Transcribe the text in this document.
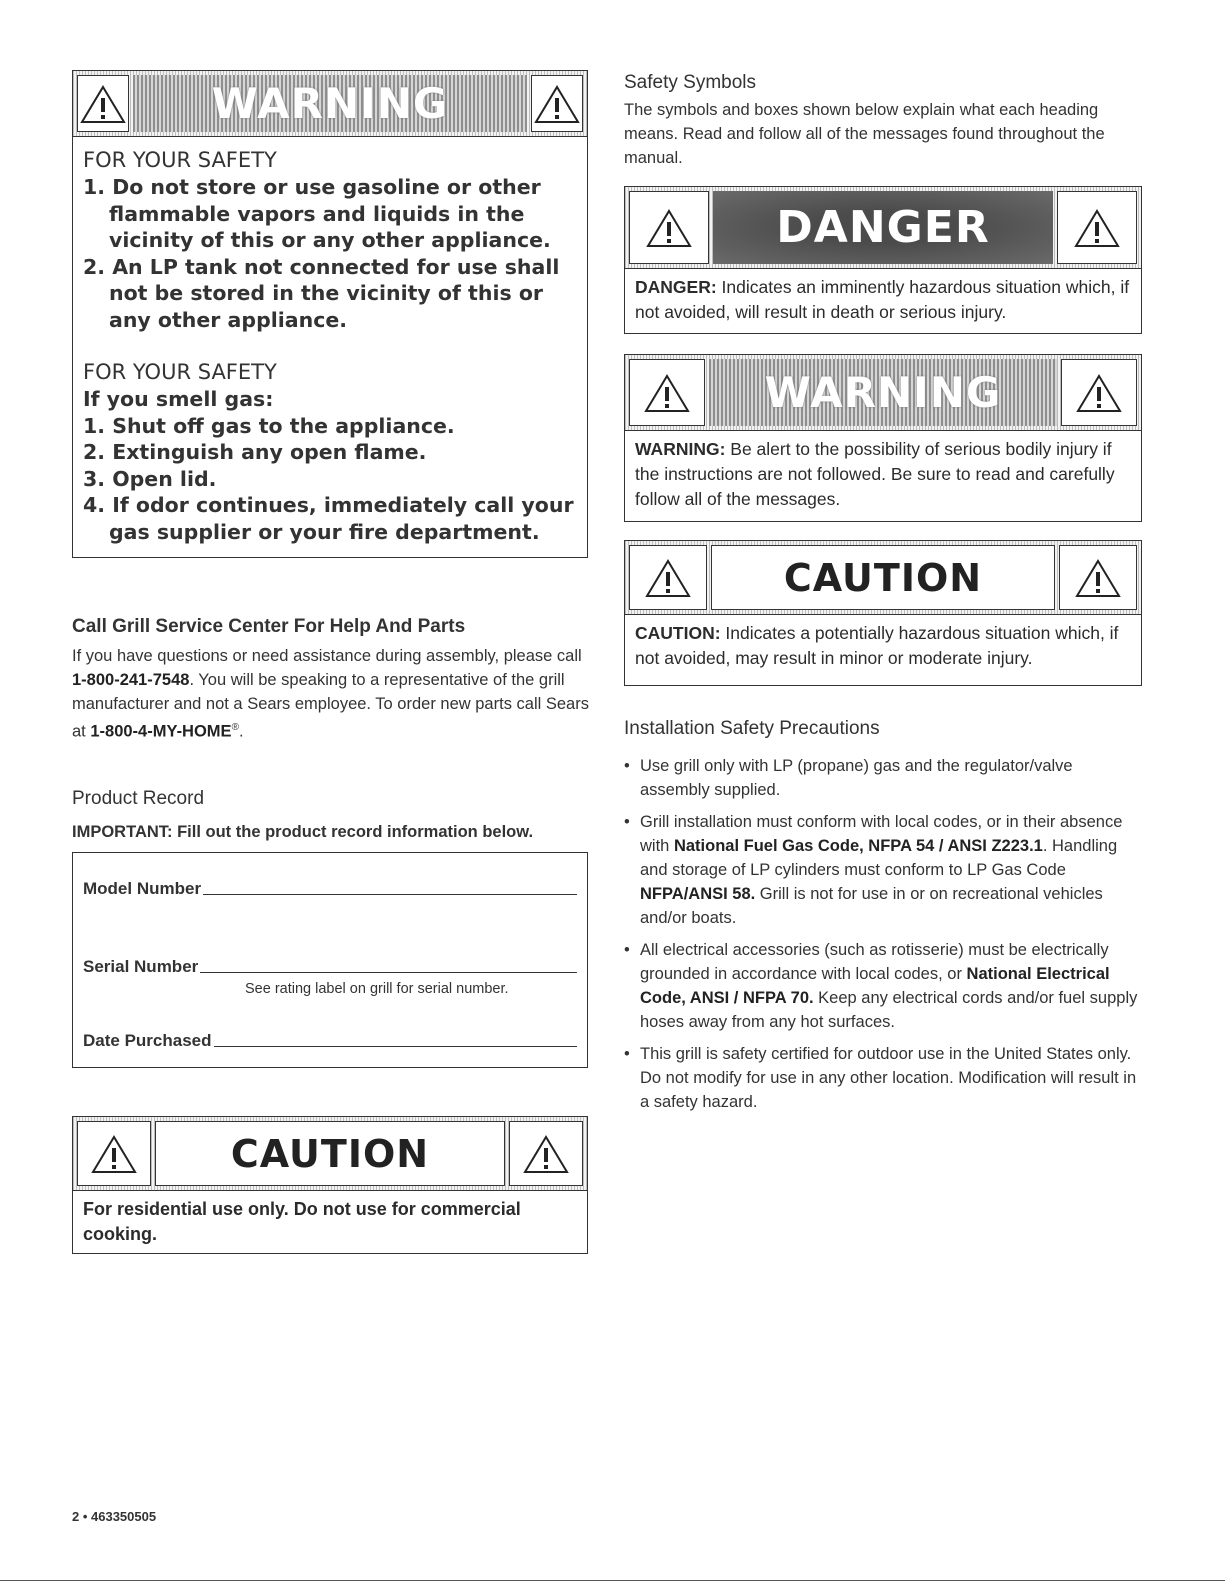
WARNING
FOR YOUR SAFETY
1. Do not store or use gasoline or other flammable vapors and liquids in the vicinity of this or any other appliance.
2. An LP tank not connected for use shall not be stored in the vicinity of this or any other appliance.
FOR YOUR SAFETY
If you smell gas:
1. Shut off gas to the appliance.
2. Extinguish any open flame.
3. Open lid.
4. If odor continues, immediately call your gas supplier or your fire department.
Call Grill Service Center For Help And Parts

If you have questions or need assistance during assembly, please call 1-800-241-7548. You will be speaking to a representative of the grill manufacturer and not a Sears employee. To order new parts call Sears at 1-800-4-MY-HOME®.

Product Record
IMPORTANT: Fill out the product record information below.
Model Number
Serial Number
See rating label on grill for serial number.
Date Purchased
CAUTION
For residential use only. Do not use for commercial cooking.
Safety Symbols

The symbols and boxes shown below explain what each heading means. Read and follow all of the messages found throughout the manual.

DANGER
DANGER: Indicates an imminently hazardous situation which, if not avoided, will result in death or serious injury.
WARNING
WARNING: Be alert to the possibility of serious bodily injury if the instructions are not followed. Be sure to read and carefully follow all of the messages.
CAUTION
CAUTION: Indicates a potentially hazardous situation which, if not avoided, may result in minor or moderate injury.
Installation Safety Precautions
• Use grill only with LP (propane) gas and the regulator/valve assembly supplied.
• Grill installation must conform with local codes, or in their absence with National Fuel Gas Code, NFPA 54 / ANSI Z223.1. Handling and storage of LP cylinders must conform to LP Gas Code NFPA/ANSI 58. Grill is not for use in or on recreational vehicles and/or boats.
• All electrical accessories (such as rotisserie) must be electrically grounded in accordance with local codes, or National Electrical Code, ANSI / NFPA 70. Keep any electrical cords and/or fuel supply hoses away from any hot surfaces.
• This grill is safety certified for outdoor use in the United States only. Do not modify for use in any other location. Modification will result in a safety hazard.
2 • 463350505
